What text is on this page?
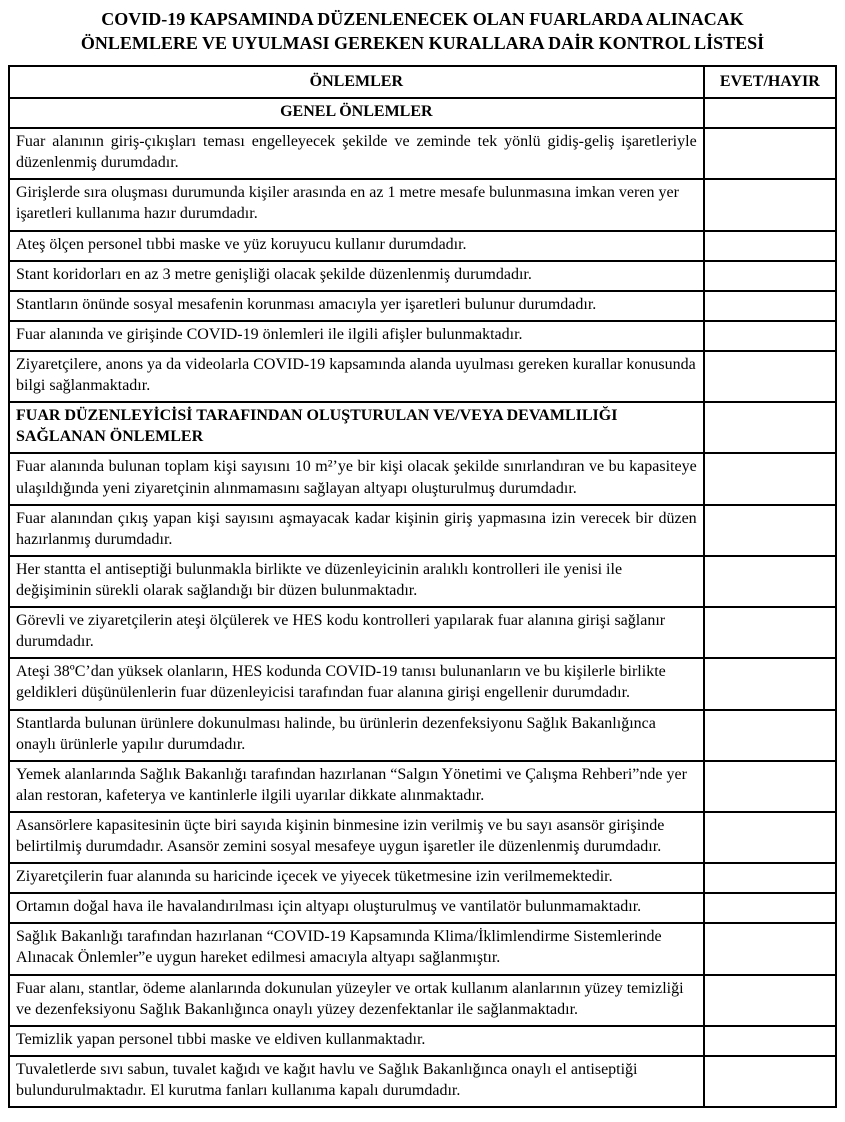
COVID-19 KAPSAMINDA DÜZENLENECEK OLAN FUARLARDA ALINACAK
ÖNLEMLERE VE UYULMASI GEREKEN KURALLARA DAİR KONTROL LİSTESİ
ÖNLEMLER	EVET/HAYIR
GENEL ÖNLEMLER	
Fuar alanının giriş-çıkışları teması engelleyecek şekilde ve zeminde tek yönlü gidiş-geliş işaretleriyle düzenlenmiş durumdadır.	
Girişlerde sıra oluşması durumunda kişiler arasında en az 1 metre mesafe bulunmasına imkan veren yer işaretleri kullanıma hazır durumdadır.	
Ateş ölçen personel tıbbi maske ve yüz koruyucu kullanır durumdadır.	
Stant koridorları en az 3 metre genişliği olacak şekilde düzenlenmiş durumdadır.	
Stantların önünde sosyal mesafenin korunması amacıyla yer işaretleri bulunur durumdadır.	
Fuar alanında ve girişinde COVID-19 önlemleri ile ilgili afişler bulunmaktadır.	
Ziyaretçilere, anons ya da videolarla COVID-19 kapsamında alanda uyulması gereken kurallar konusunda bilgi sağlanmaktadır.	
FUAR DÜZENLEYİCİSİ TARAFINDAN OLUŞTURULAN VE/VEYA DEVAMLILIĞI SAĞLANAN ÖNLEMLER	
Fuar alanında bulunan toplam kişi sayısını 10 m²’ye bir kişi olacak şekilde sınırlandıran ve bu kapasiteye ulaşıldığında yeni ziyaretçinin alınmamasını sağlayan altyapı oluşturulmuş durumdadır.	
Fuar alanından çıkış yapan kişi sayısını aşmayacak kadar kişinin giriş yapmasına izin verecek bir düzen hazırlanmış durumdadır.	
Her stantta el antiseptiği bulunmakla birlikte ve düzenleyicinin aralıklı kontrolleri ile yenisi ile değişiminin sürekli olarak sağlandığı bir düzen bulunmaktadır.	
Görevli ve ziyaretçilerin ateşi ölçülerek ve HES kodu kontrolleri yapılarak fuar alanına girişi sağlanır durumdadır.	
Ateşi 38ºC’dan yüksek olanların, HES kodunda COVID-19 tanısı bulunanların ve bu kişilerle birlikte geldikleri düşünülenlerin fuar düzenleyicisi tarafından fuar alanına girişi engellenir durumdadır.	
Stantlarda bulunan ürünlere dokunulması halinde, bu ürünlerin dezenfeksiyonu Sağlık Bakanlığınca onaylı ürünlerle yapılır durumdadır.	
Yemek alanlarında Sağlık Bakanlığı tarafından hazırlanan “Salgın Yönetimi ve Çalışma Rehberi”nde yer alan restoran, kafeterya ve kantinlerle ilgili uyarılar dikkate alınmaktadır.	
Asansörlere kapasitesinin üçte biri sayıda kişinin binmesine izin verilmiş ve bu sayı asansör girişinde belirtilmiş durumdadır. Asansör zemini sosyal mesafeye uygun işaretler ile düzenlenmiş durumdadır.	
Ziyaretçilerin fuar alanında su haricinde içecek ve yiyecek tüketmesine izin verilmemektedir.	
Ortamın doğal hava ile havalandırılması için altyapı oluşturulmuş ve vantilatör bulunmamaktadır.	
Sağlık Bakanlığı tarafından hazırlanan “COVID-19 Kapsamında Klima/İklimlendirme Sistemlerinde Alınacak Önlemler”e uygun hareket edilmesi amacıyla altyapı sağlanmıştır.	
Fuar alanı, stantlar, ödeme alanlarında dokunulan yüzeyler ve ortak kullanım alanlarının yüzey temizliği ve dezenfeksiyonu Sağlık Bakanlığınca onaylı yüzey dezenfektanlar ile sağlanmaktadır.	
Temizlik yapan personel tıbbi maske ve eldiven kullanmaktadır.	
Tuvaletlerde sıvı sabun, tuvalet kağıdı ve kağıt havlu ve Sağlık Bakanlığınca onaylı el antiseptiği bulundurulmaktadır. El kurutma fanları kullanıma kapalı durumdadır.	
